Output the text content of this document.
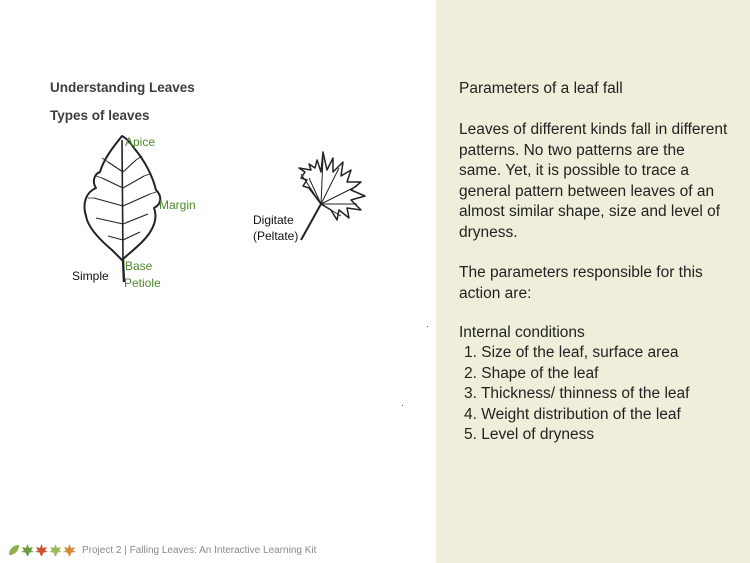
Understanding Leaves
Types of leaves
Apice
Margin
Base
Petiole
Simple
Digitate
(Peltate)
Parameters of a leaf fall
Leaves of different kinds fall in different patterns. No two patterns are the same. Yet, it is possible to trace a general pattern between leaves of an almost similar shape, size and level of dryness.
The parameters responsible for this action are:
Internal conditions
1. Size of the leaf, surface area
2. Shape of the leaf
3. Thickness/ thinness of the leaf
4. Weight distribution of the leaf
5. Level of dryness
Project 2 | Falling Leaves: An Interactive Learning Kit
